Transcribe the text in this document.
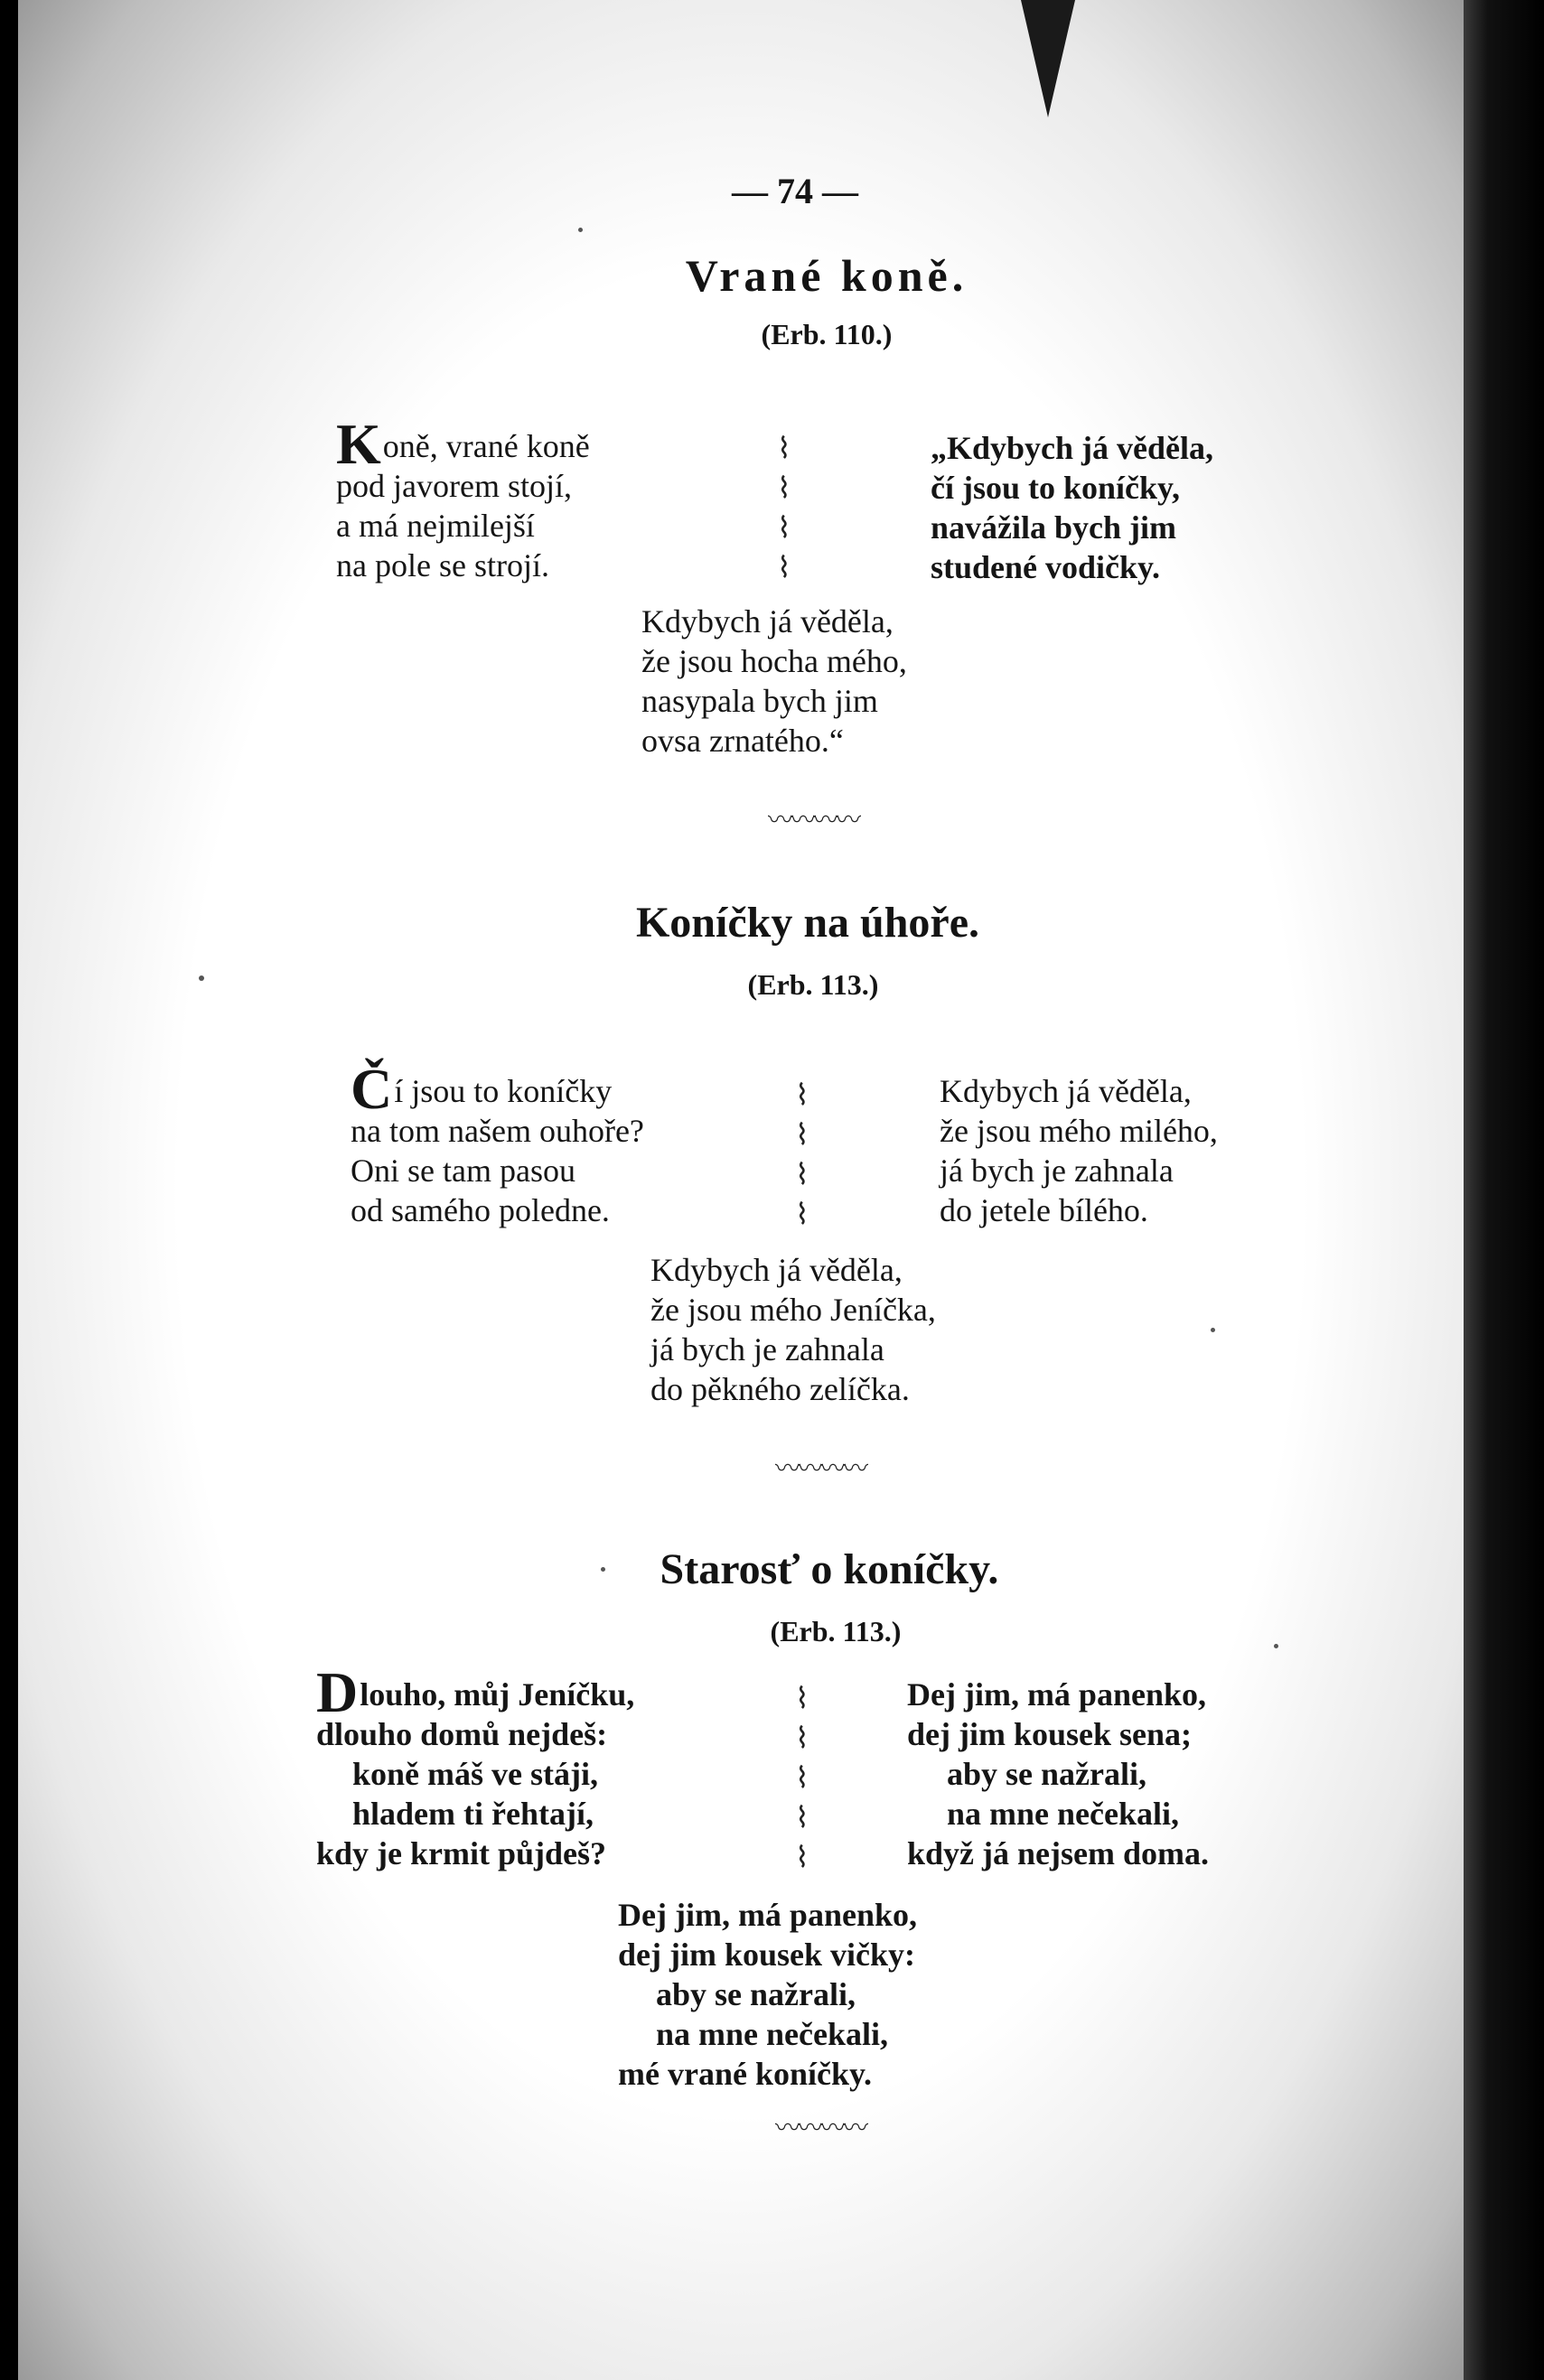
— 74 —
Vrané koně.
(Erb. 110.)
Koně, vrané koně
pod javorem stojí,
a má nejmilejší
na pole se strojí.
⌇
⌇
⌇
⌇
„Kdybych já věděla,
čí jsou to koníčky,
navážila bych jim
studené vodičky.
Kdybych já věděla,
že jsou hocha mého,
nasypala bych jim
ovsa zrnatého.“
〰〰〰〰
Koníčky na úhoře.
(Erb. 113.)
Čí jsou to koníčky
na tom našem ouhoře?
Oni se tam pasou
od samého poledne.
⌇
⌇
⌇
⌇
Kdybych já věděla,
že jsou mého milého,
já bych je zahnala
do jetele bílého.
Kdybych já věděla,
že jsou mého Jeníčka,
já bych je zahnala
do pěkného zelíčka.
〰〰〰〰
Starosť o koníčky.
(Erb. 113.)
Dlouho, můj Jeníčku,
dlouho domů nejdeš:
koně máš ve stáji,
hladem ti řehtají,
kdy je krmit půjdeš?
⌇
⌇
⌇
⌇
⌇
Dej jim, má panenko,
dej jim kousek sena;
aby se nažrali,
na mne nečekali,
když já nejsem doma.
Dej jim, má panenko,
dej jim kousek vičky:
aby se nažrali,
na mne nečekali,
mé vrané koníčky.
〰〰〰〰
